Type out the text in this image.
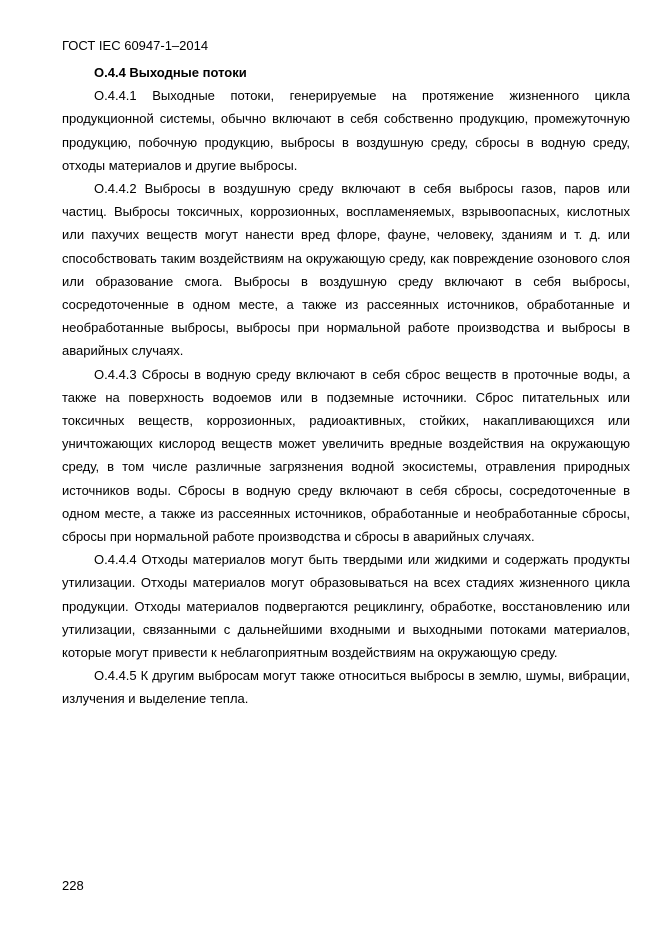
ГОСТ IEC 60947-1–2014

О.4.4 Выходные потоки

О.4.4.1 Выходные потоки, генерируемые на протяжение жизненного цикла продукционной системы, обычно включают в себя собственно продукцию, промежуточную продукцию, побочную продукцию, выбросы в воздушную среду, сбросы в водную среду, отходы материалов и другие выбросы.

О.4.4.2 Выбросы в воздушную среду включают в себя выбросы газов, паров или частиц. Выбросы токсичных, коррозионных, воспламеняемых, взрывоопасных, кислотных или пахучих веществ могут нанести вред флоре, фауне, человеку, зданиям и т. д. или способствовать таким воздействиям на окружающую среду, как повреждение озонового слоя или образование смога. Выбросы в воздушную среду включают в себя выбросы, сосредоточенные в одном месте, а также из рассеянных источников, обработанные и необработанные выбросы, выбросы при нормальной работе производства и выбросы в аварийных случаях.

О.4.4.3 Сбросы в водную среду включают в себя сброс веществ в проточные воды, а также на поверхность водоемов или в подземные источники. Сброс питательных или токсичных веществ, коррозионных, радиоактивных, стойких, накапливающихся или уничтожающих кислород веществ может увеличить вредные воздействия на окружающую среду, в том числе различные загрязнения водной экосистемы, отравления природных источников воды. Сбросы в водную среду включают в себя сбросы, сосредоточенные в одном месте, а также из рассеянных источников, обработанные и необработанные сбросы, сбросы при нормальной работе производства и сбросы в аварийных случаях.

О.4.4.4 Отходы материалов могут быть твердыми или жидкими и содержать продукты утилизации. Отходы материалов могут образовываться на всех стадиях жизненного цикла продукции. Отходы материалов подвергаются рециклингу, обработке, восстановлению или утилизации, связанными с дальнейшими входными и выходными потоками материалов, которые могут привести к неблагоприятным воздействиям на окружающую среду.

О.4.4.5 К другим выбросам могут также относиться выбросы в землю, шумы, вибрации, излучения и выделение тепла.

228
